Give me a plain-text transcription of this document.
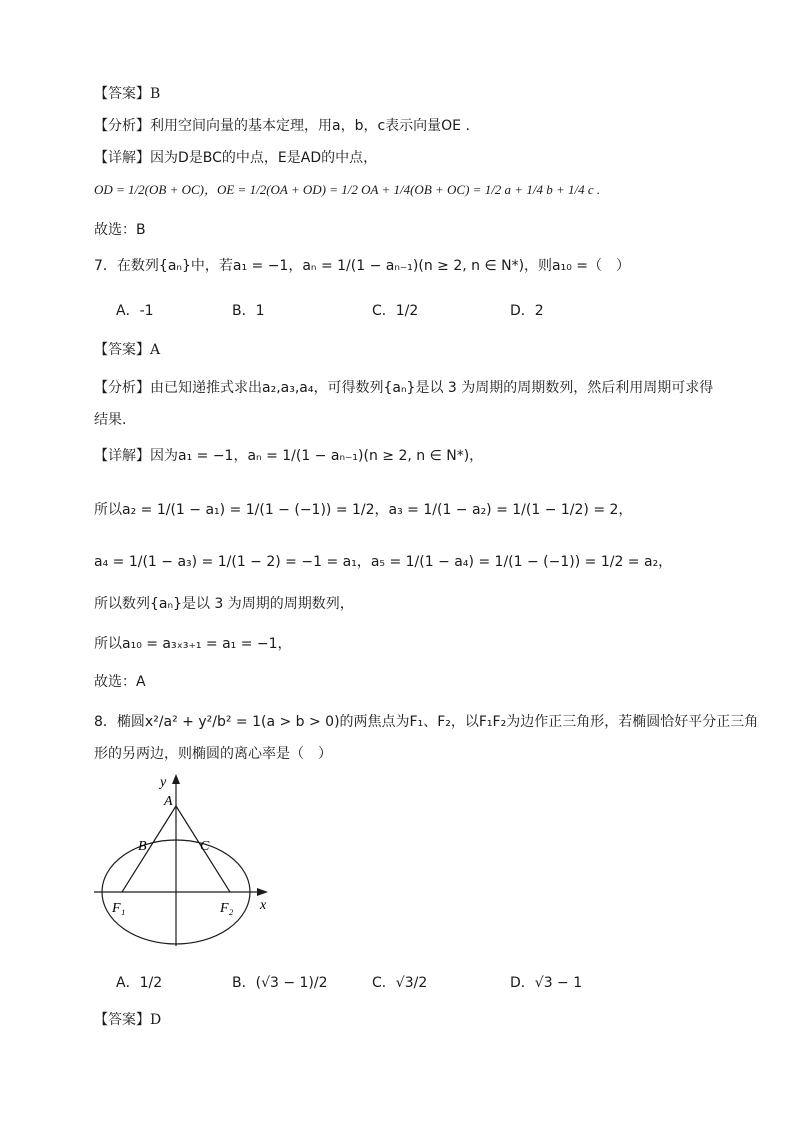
【答案】B
【分析】利用空间向量的基本定理，用a，b，c表示向量OE .
【详解】因为D是BC的中点，E是AD的中点，
OD = 1/2(OB + OC)，OE = 1/2(OA + OD) = 1/2 OA + 1/4(OB + OC) = 1/2 a + 1/4 b + 1/4 c .
故选：B
7．在数列{aₙ}中，若a₁ = −1，aₙ = 1/(1 − aₙ₋₁)(n ≥ 2, n ∈ N*)，则a₁₀ =（　）
A．-1	B．1	C．1/2	D．2
【答案】A
【分析】由已知递推式求出a₂,a₃,a₄，可得数列{aₙ}是以 3 为周期的周期数列，然后利用周期可求得
结果.
【详解】因为a₁ = −1，aₙ = 1/(1 − aₙ₋₁)(n ≥ 2, n ∈ N*)，
所以a₂ = 1/(1 − a₁) = 1/(1 − (−1)) = 1/2，a₃ = 1/(1 − a₂) = 1/(1 − 1/2) = 2，
a₄ = 1/(1 − a₃) = 1/(1 − 2) = −1 = a₁，a₅ = 1/(1 − a₄) = 1/(1 − (−1)) = 1/2 = a₂，
所以数列{aₙ}是以 3 为周期的周期数列，
所以a₁₀ = a₃ₓ₃₊₁ = a₁ = −1，
故选：A
8．椭圆x²/a² + y²/b² = 1(a > b > 0)的两焦点为F₁、F₂，以F₁F₂为边作正三角形，若椭圆恰好平分正三角
形的另两边，则椭圆的离心率是（　）
y
A
B	C
F₁	F₂ x
A．1/2	B．(√3 − 1)/2	C．√3/2	D．√3 − 1
【答案】D
